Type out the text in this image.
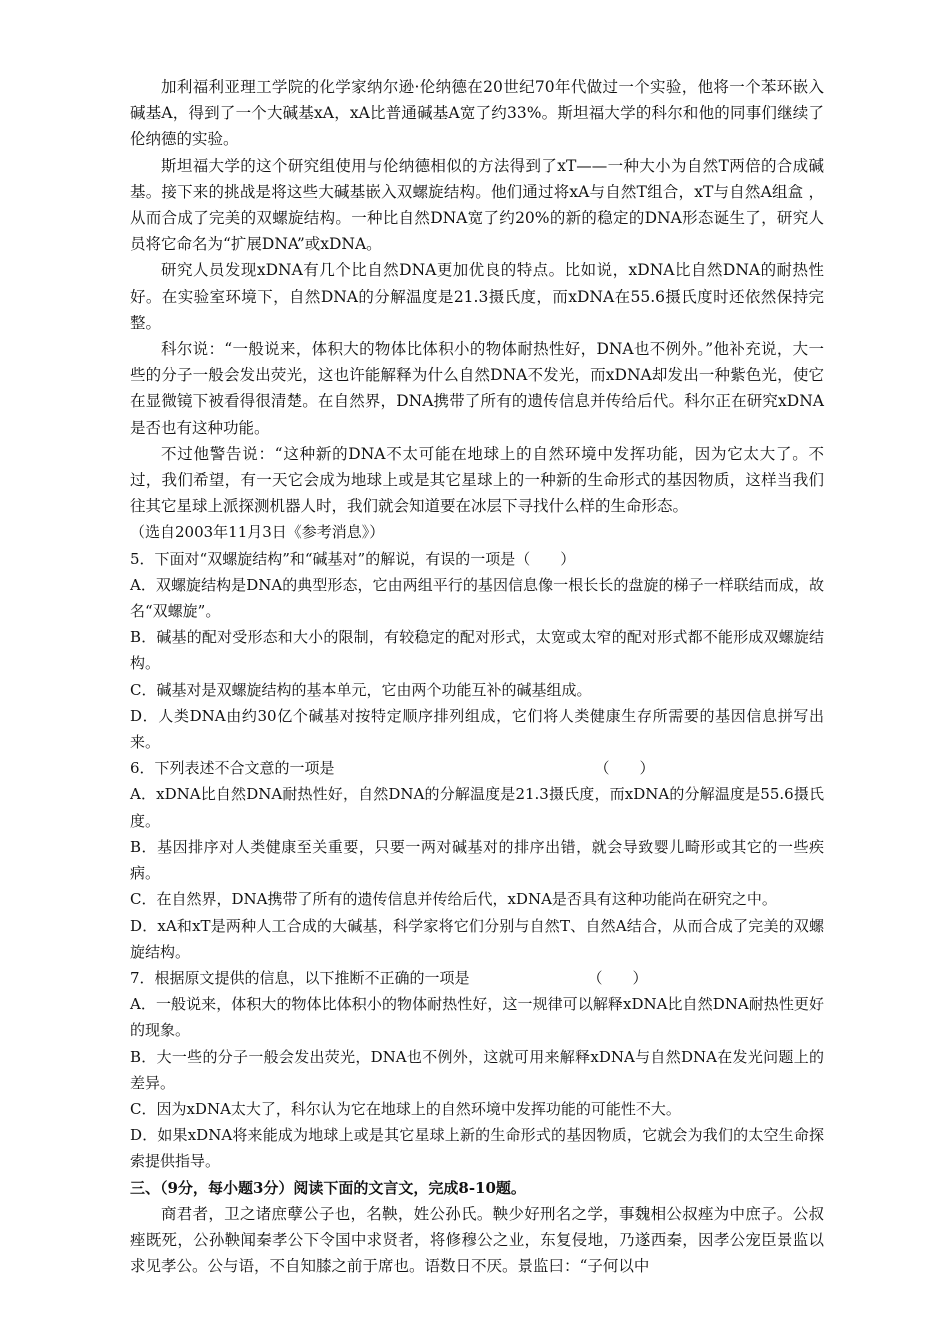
加利福利亚理工学院的化学家纳尔逊·伦纳德在20世纪70年代做过一个实验，他将一个苯环嵌入碱基A，得到了一个大碱基xA，xA比普通碱基A宽了约33%。斯坦福大学的科尔和他的同事们继续了伦纳德的实验。

斯坦福大学的这个研究组使用与伦纳德相似的方法得到了xT——一种大小为自然T两倍的合成碱基。接下来的挑战是将这些大碱基嵌入双螺旋结构。他们通过将xA与自然T组合，xT与自然A组盒 ，从而合成了完美的双螺旋结构。一种比自然DNA宽了约20%的新的稳定的DNA形态诞生了，研究人员将它命名为“扩展DNA”或xDNA。

研究人员发现xDNA有几个比自然DNA更加优良的特点。比如说，xDNA比自然DNA的耐热性好。在实验室环境下，自然DNA的分解温度是21.3摄氏度，而xDNA在55.6摄氏度时还依然保持完整。

科尔说：“一般说来，体积大的物体比体积小的物体耐热性好，DNA也不例外。”他补充说，大一些的分子一般会发出荧光，这也许能解释为什么自然DNA不发光，而xDNA却发出一种紫色光，使它在显微镜下被看得很清楚。在自然界，DNA携带了所有的遗传信息并传给后代。科尔正在研究xDNA是否也有这种功能。

不过他警告说：“这种新的DNA不太可能在地球上的自然环境中发挥功能，因为它太大了。不过，我们希望，有一天它会成为地球上或是其它星球上的一种新的生命形式的基因物质，这样当我们往其它星球上派探测机器人时，我们就会知道要在冰层下寻找什么样的生命形态。

（选自2003年11月3日《参考消息》）

5．下面对“双螺旋结构”和“碱基对”的解说，有误的一项是（　　）

A．双螺旋结构是DNA的典型形态，它由两组平行的基因信息像一根长长的盘旋的梯子一样联结而成，故名“双螺旋”。

B．碱基的配对受形态和大小的限制，有较稳定的配对形式，太宽或太窄的配对形式都不能形成双螺旋结构。

C．碱基对是双螺旋结构的基本单元，它由两个功能互补的碱基组成。

D．人类DNA由约30亿个碱基对按特定顺序排列组成，它们将人类健康生存所需要的基因信息拼写出来。

6．下列表述不合文意的一项是	（　　）

A．xDNA比自然DNA耐热性好，自然DNA的分解温度是21.3摄氏度，而xDNA的分解温度是55.6摄氏度。

B．基因排序对人类健康至关重要，只要一两对碱基对的排序出错，就会导致婴儿畸形或其它的一些疾病。

C．在自然界，DNA携带了所有的遗传信息并传给后代，xDNA是否具有这种功能尚在研究之中。

D．xA和xT是两种人工合成的大碱基，科学家将它们分别与自然T、自然A结合，从而合成了完美的双螺旋结构。

7．根据原文提供的信息，以下推断不正确的一项是	（　　）

A．一般说来，体积大的物体比体积小的物体耐热性好，这一规律可以解释xDNA比自然DNA耐热性更好的现象。

B．大一些的分子一般会发出荧光，DNA也不例外，这就可用来解释xDNA与自然DNA在发光问题上的差异。

C．因为xDNA太大了，科尔认为它在地球上的自然环境中发挥功能的可能性不大。

D．如果xDNA将来能成为地球上或是其它星球上新的生命形式的基因物质，它就会为我们的太空生命探索提供指导。

三、（9分，每小题3分）阅读下面的文言文，完成8-10题。

商君者，卫之诸庶孽公子也，名鞅，姓公孙氏。鞅少好刑名之学，事魏相公叔痤为中庶子。公叔痤既死，公孙鞅闻秦孝公下令国中求贤者，将修穆公之业，东复侵地，乃遂西秦，因孝公宠臣景监以求见孝公。公与语，不自知膝之前于席也。语数日不厌。景监曰：“子何以中
